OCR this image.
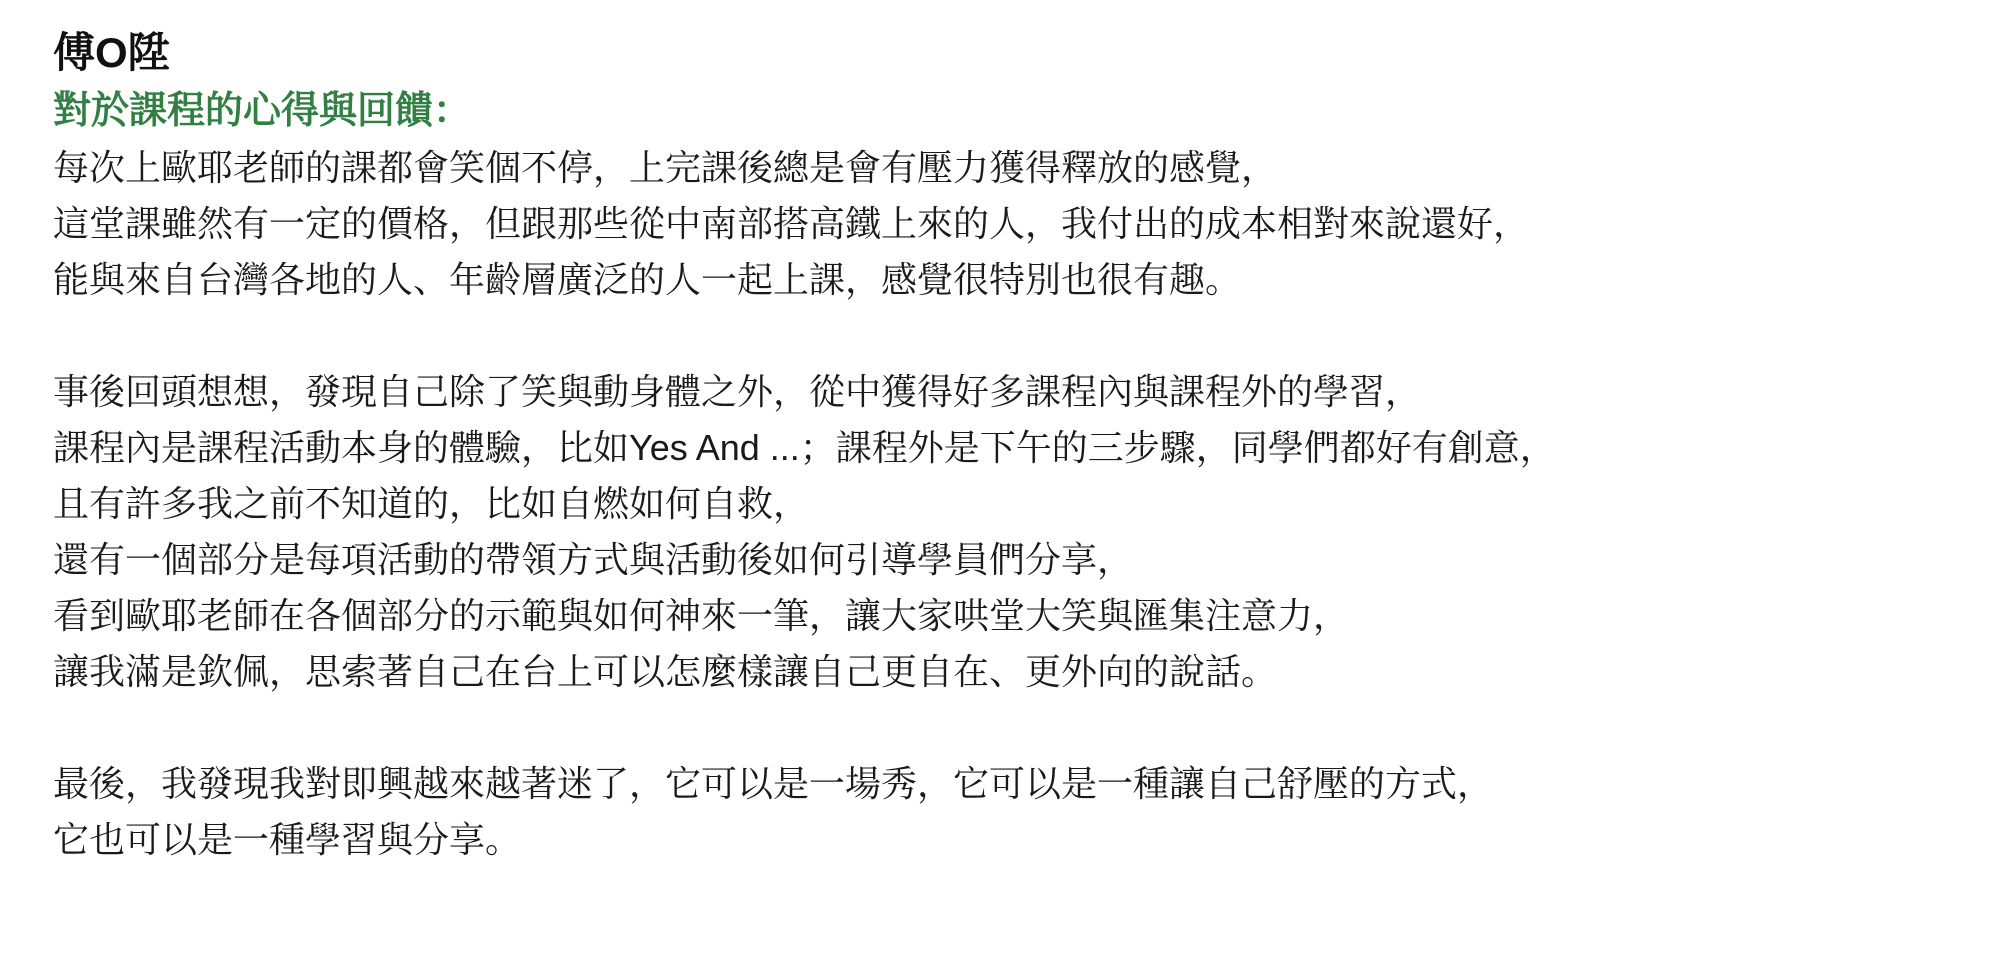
傅O陞
對於課程的心得與回饋：
每次上歐耶老師的課都會笑個不停，上完課後總是會有壓力獲得釋放的感覺，
這堂課雖然有一定的價格，但跟那些從中南部搭高鐵上來的人，我付出的成本相對來說還好，
能與來自台灣各地的人、年齡層廣泛的人一起上課，感覺很特別也很有趣。
事後回頭想想，發現自己除了笑與動身體之外，從中獲得好多課程內與課程外的學習，
課程內是課程活動本身的體驗，比如Yes And ...；課程外是下午的三步驟，同學們都好有創意，
且有許多我之前不知道的，比如自燃如何自救，
還有一個部分是每項活動的帶領方式與活動後如何引導學員們分享，
看到歐耶老師在各個部分的示範與如何神來一筆，讓大家哄堂大笑與匯集注意力，
讓我滿是欽佩，思索著自己在台上可以怎麼樣讓自己更自在、更外向的說話。
最後，我發現我對即興越來越著迷了，它可以是一場秀，它可以是一種讓自己舒壓的方式，
它也可以是一種學習與分享。
